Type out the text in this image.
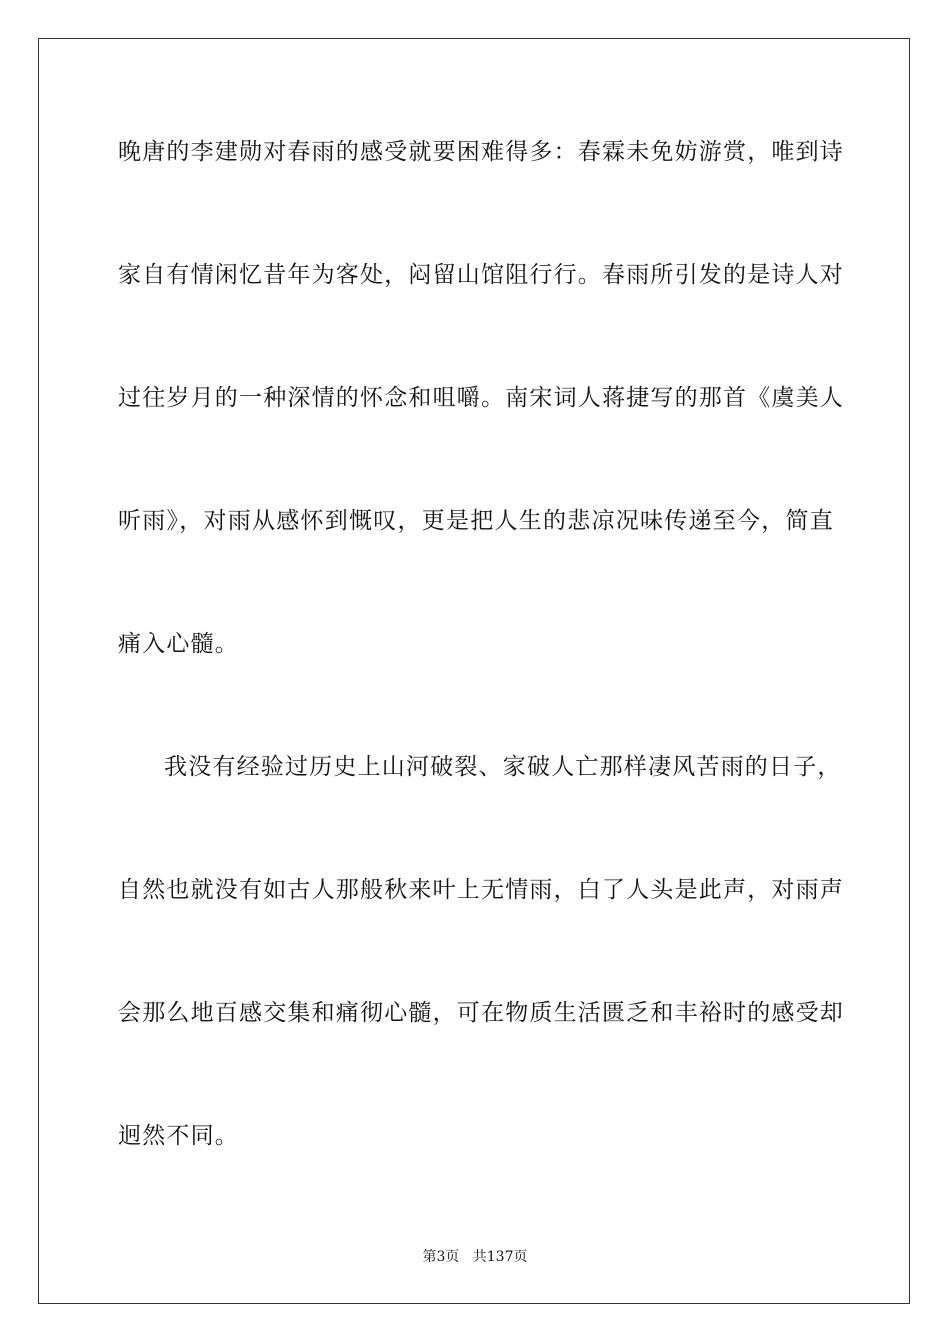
晚唐的李建勋对春雨的感受就要困难得多：春霖未免妨游赏，唯到诗
家自有情闲忆昔年为客处，闷留山馆阻行行。春雨所引发的是诗人对
过往岁月的一种深情的怀念和咀嚼。南宋词人蒋捷写的那首《虞美人
听雨》，对雨从感怀到慨叹，更是把人生的悲凉况味传递至今，简直
痛入心髓。
我没有经验过历史上山河破裂、家破人亡那样凄风苦雨的日子，
自然也就没有如古人那般秋来叶上无情雨，白了人头是此声，对雨声
会那么地百感交集和痛彻心髓，可在物质生活匮乏和丰裕时的感受却
迥然不同。
第3页 共137页
